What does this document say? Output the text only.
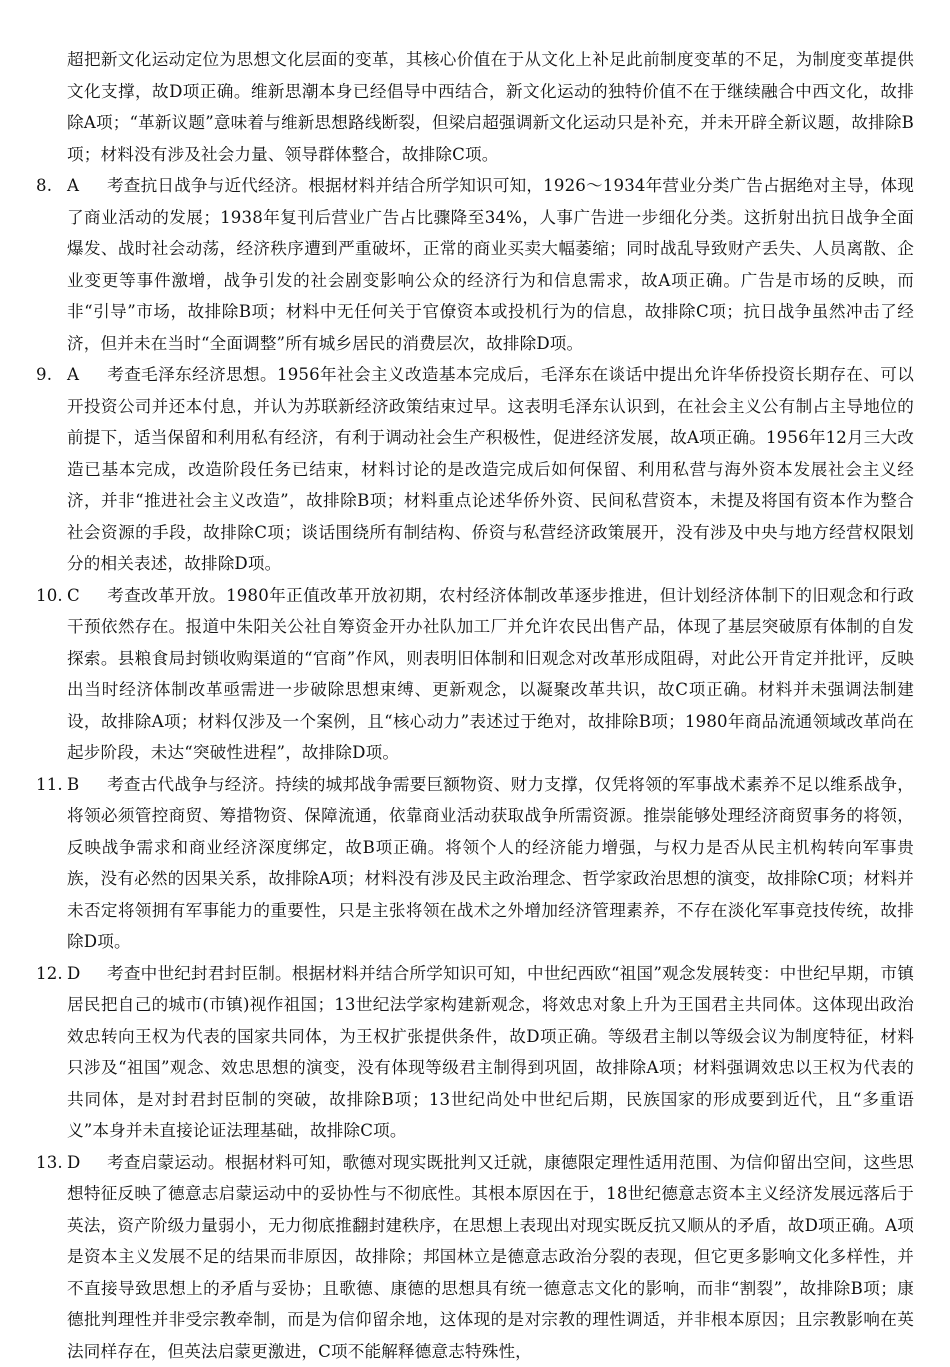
超把新文化运动定位为思想文化层面的变革，其核心价值在于从文化上补足此前制度变革的不足，为制度变革提供文化支撑，故D项正确。维新思潮本身已经倡导中西结合，新文化运动的独特价值不在于继续融合中西文化，故排除A项；“革新议题”意味着与维新思想路线断裂，但梁启超强调新文化运动只是补充，并未开辟全新议题，故排除B项；材料没有涉及社会力量、领导群体整合，故排除C项。

8. A 考查抗日战争与近代经济。根据材料并结合所学知识可知，1926～1934年营业分类广告占据绝对主导，体现了商业活动的发展；1938年复刊后营业广告占比骤降至34%，人事广告进一步细化分类。这折射出抗日战争全面爆发、战时社会动荡，经济秩序遭到严重破坏，正常的商业买卖大幅萎缩；同时战乱导致财产丢失、人员离散、企业变更等事件激增，战争引发的社会剧变影响公众的经济行为和信息需求，故A项正确。广告是市场的反映，而非“引导”市场，故排除B项；材料中无任何关于官僚资本或投机行为的信息，故排除C项；抗日战争虽然冲击了经济，但并未在当时“全面调整”所有城乡居民的消费层次，故排除D项。
9. A 考查毛泽东经济思想。1956年社会主义改造基本完成后，毛泽东在谈话中提出允许华侨投资长期存在、可以开投资公司并还本付息，并认为苏联新经济政策结束过早。这表明毛泽东认识到，在社会主义公有制占主导地位的前提下，适当保留和利用私有经济，有利于调动社会生产积极性，促进经济发展，故A项正确。1956年12月三大改造已基本完成，改造阶段任务已结束，材料讨论的是改造完成后如何保留、利用私营与海外资本发展社会主义经济，并非“推进社会主义改造”，故排除B项；材料重点论述华侨外资、民间私营资本，未提及将国有资本作为整合社会资源的手段，故排除C项；谈话围绕所有制结构、侨资与私营经济政策展开，没有涉及中央与地方经营权限划分的相关表述，故排除D项。
10. C 考查改革开放。1980年正值改革开放初期，农村经济体制改革逐步推进，但计划经济体制下的旧观念和行政干预依然存在。报道中朱阳关公社自筹资金开办社队加工厂并允许农民出售产品，体现了基层突破原有体制的自发探索。县粮食局封锁收购渠道的“官商”作风，则表明旧体制和旧观念对改革形成阻碍，对此公开肯定并批评，反映出当时经济体制改革亟需进一步破除思想束缚、更新观念，以凝聚改革共识，故C项正确。材料并未强调法制建设，故排除A项；材料仅涉及一个案例，且“核心动力”表述过于绝对，故排除B项；1980年商品流通领域改革尚在起步阶段，未达“突破性进程”，故排除D项。
11. B 考查古代战争与经济。持续的城邦战争需要巨额物资、财力支撑，仅凭将领的军事战术素养不足以维系战争，将领必须管控商贸、筹措物资、保障流通，依靠商业活动获取战争所需资源。推崇能够处理经济商贸事务的将领，反映战争需求和商业经济深度绑定，故B项正确。将领个人的经济能力增强，与权力是否从民主机构转向军事贵族，没有必然的因果关系，故排除A项；材料没有涉及民主政治理念、哲学家政治思想的演变，故排除C项；材料并未否定将领拥有军事能力的重要性，只是主张将领在战术之外增加经济管理素养，不存在淡化军事竞技传统，故排除D项。
12. D 考查中世纪封君封臣制。根据材料并结合所学知识可知，中世纪西欧“祖国”观念发展转变：中世纪早期，市镇居民把自己的城市(市镇)视作祖国；13世纪法学家构建新观念，将效忠对象上升为王国君主共同体。这体现出政治效忠转向王权为代表的国家共同体，为王权扩张提供条件，故D项正确。等级君主制以等级会议为制度特征，材料只涉及“祖国”观念、效忠思想的演变，没有体现等级君主制得到巩固，故排除A项；材料强调效忠以王权为代表的共同体，是对封君封臣制的突破，故排除B项；13世纪尚处中世纪后期，民族国家的形成要到近代，且“多重语义”本身并未直接论证法理基础，故排除C项。
13. D 考查启蒙运动。根据材料可知，歌德对现实既批判又迁就，康德限定理性适用范围、为信仰留出空间，这些思想特征反映了德意志启蒙运动中的妥协性与不彻底性。其根本原因在于，18世纪德意志资本主义经济发展远落后于英法，资产阶级力量弱小，无力彻底推翻封建秩序，在思想上表现出对现实既反抗又顺从的矛盾，故D项正确。A项是资本主义发展不足的结果而非原因，故排除；邦国林立是德意志政治分裂的表现，但它更多影响文化多样性，并不直接导致思想上的矛盾与妥协；且歌德、康德的思想具有统一德意志文化的影响，而非“割裂”，故排除B项；康德批判理性并非受宗教牵制，而是为信仰留余地，这体现的是对宗教的理性调适，并非根本原因；且宗教影响在英法同样存在，但英法启蒙更激进，C项不能解释德意志特殊性，
